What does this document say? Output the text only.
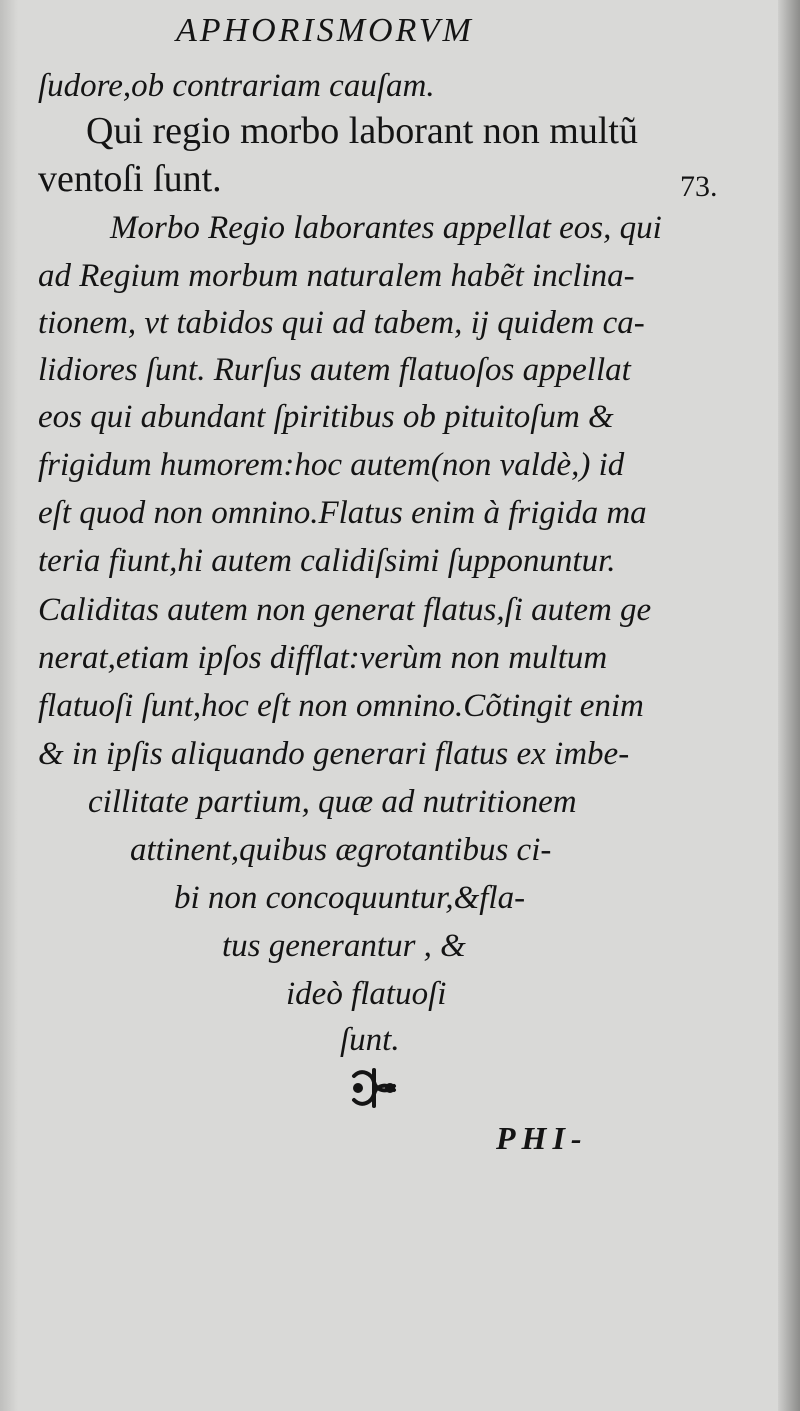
APHORISMORVM
ſudore,ob contrariam cauſam.
Qui regio morbo laborant non multũ
ventoſi ſunt.	73.
Morbo Regio laborantes appellat eos, qui
ad Regium morbum naturalem habẽt inclina-
tionem, vt tabidos qui ad tabem, ij quidem ca-
lidiores ſunt. Rurſus autem flatuoſos appellat
eos qui abundant ſpiritibus ob pituitoſum &
frigidum humorem:hoc autem(non valdè,) id
eſt quod non omnino.Flatus enim à frigida ma
teria fiunt,hi autem calidiſsimi ſupponuntur.
Caliditas autem non generat flatus,ſi autem ge
nerat,etiam ipſos difflat:verùm non multum
flatuoſi ſunt,hoc eſt non omnino.Cõtingit enim
& in ipſis aliquando generari flatus ex imbe-
cillitate partium, quæ ad nutritionem
attinent,quibus ægrotantibus ci-
bi non concoquuntur,&fla-
tus generantur , &
ideò flatuoſi
ſunt.
PHI-
